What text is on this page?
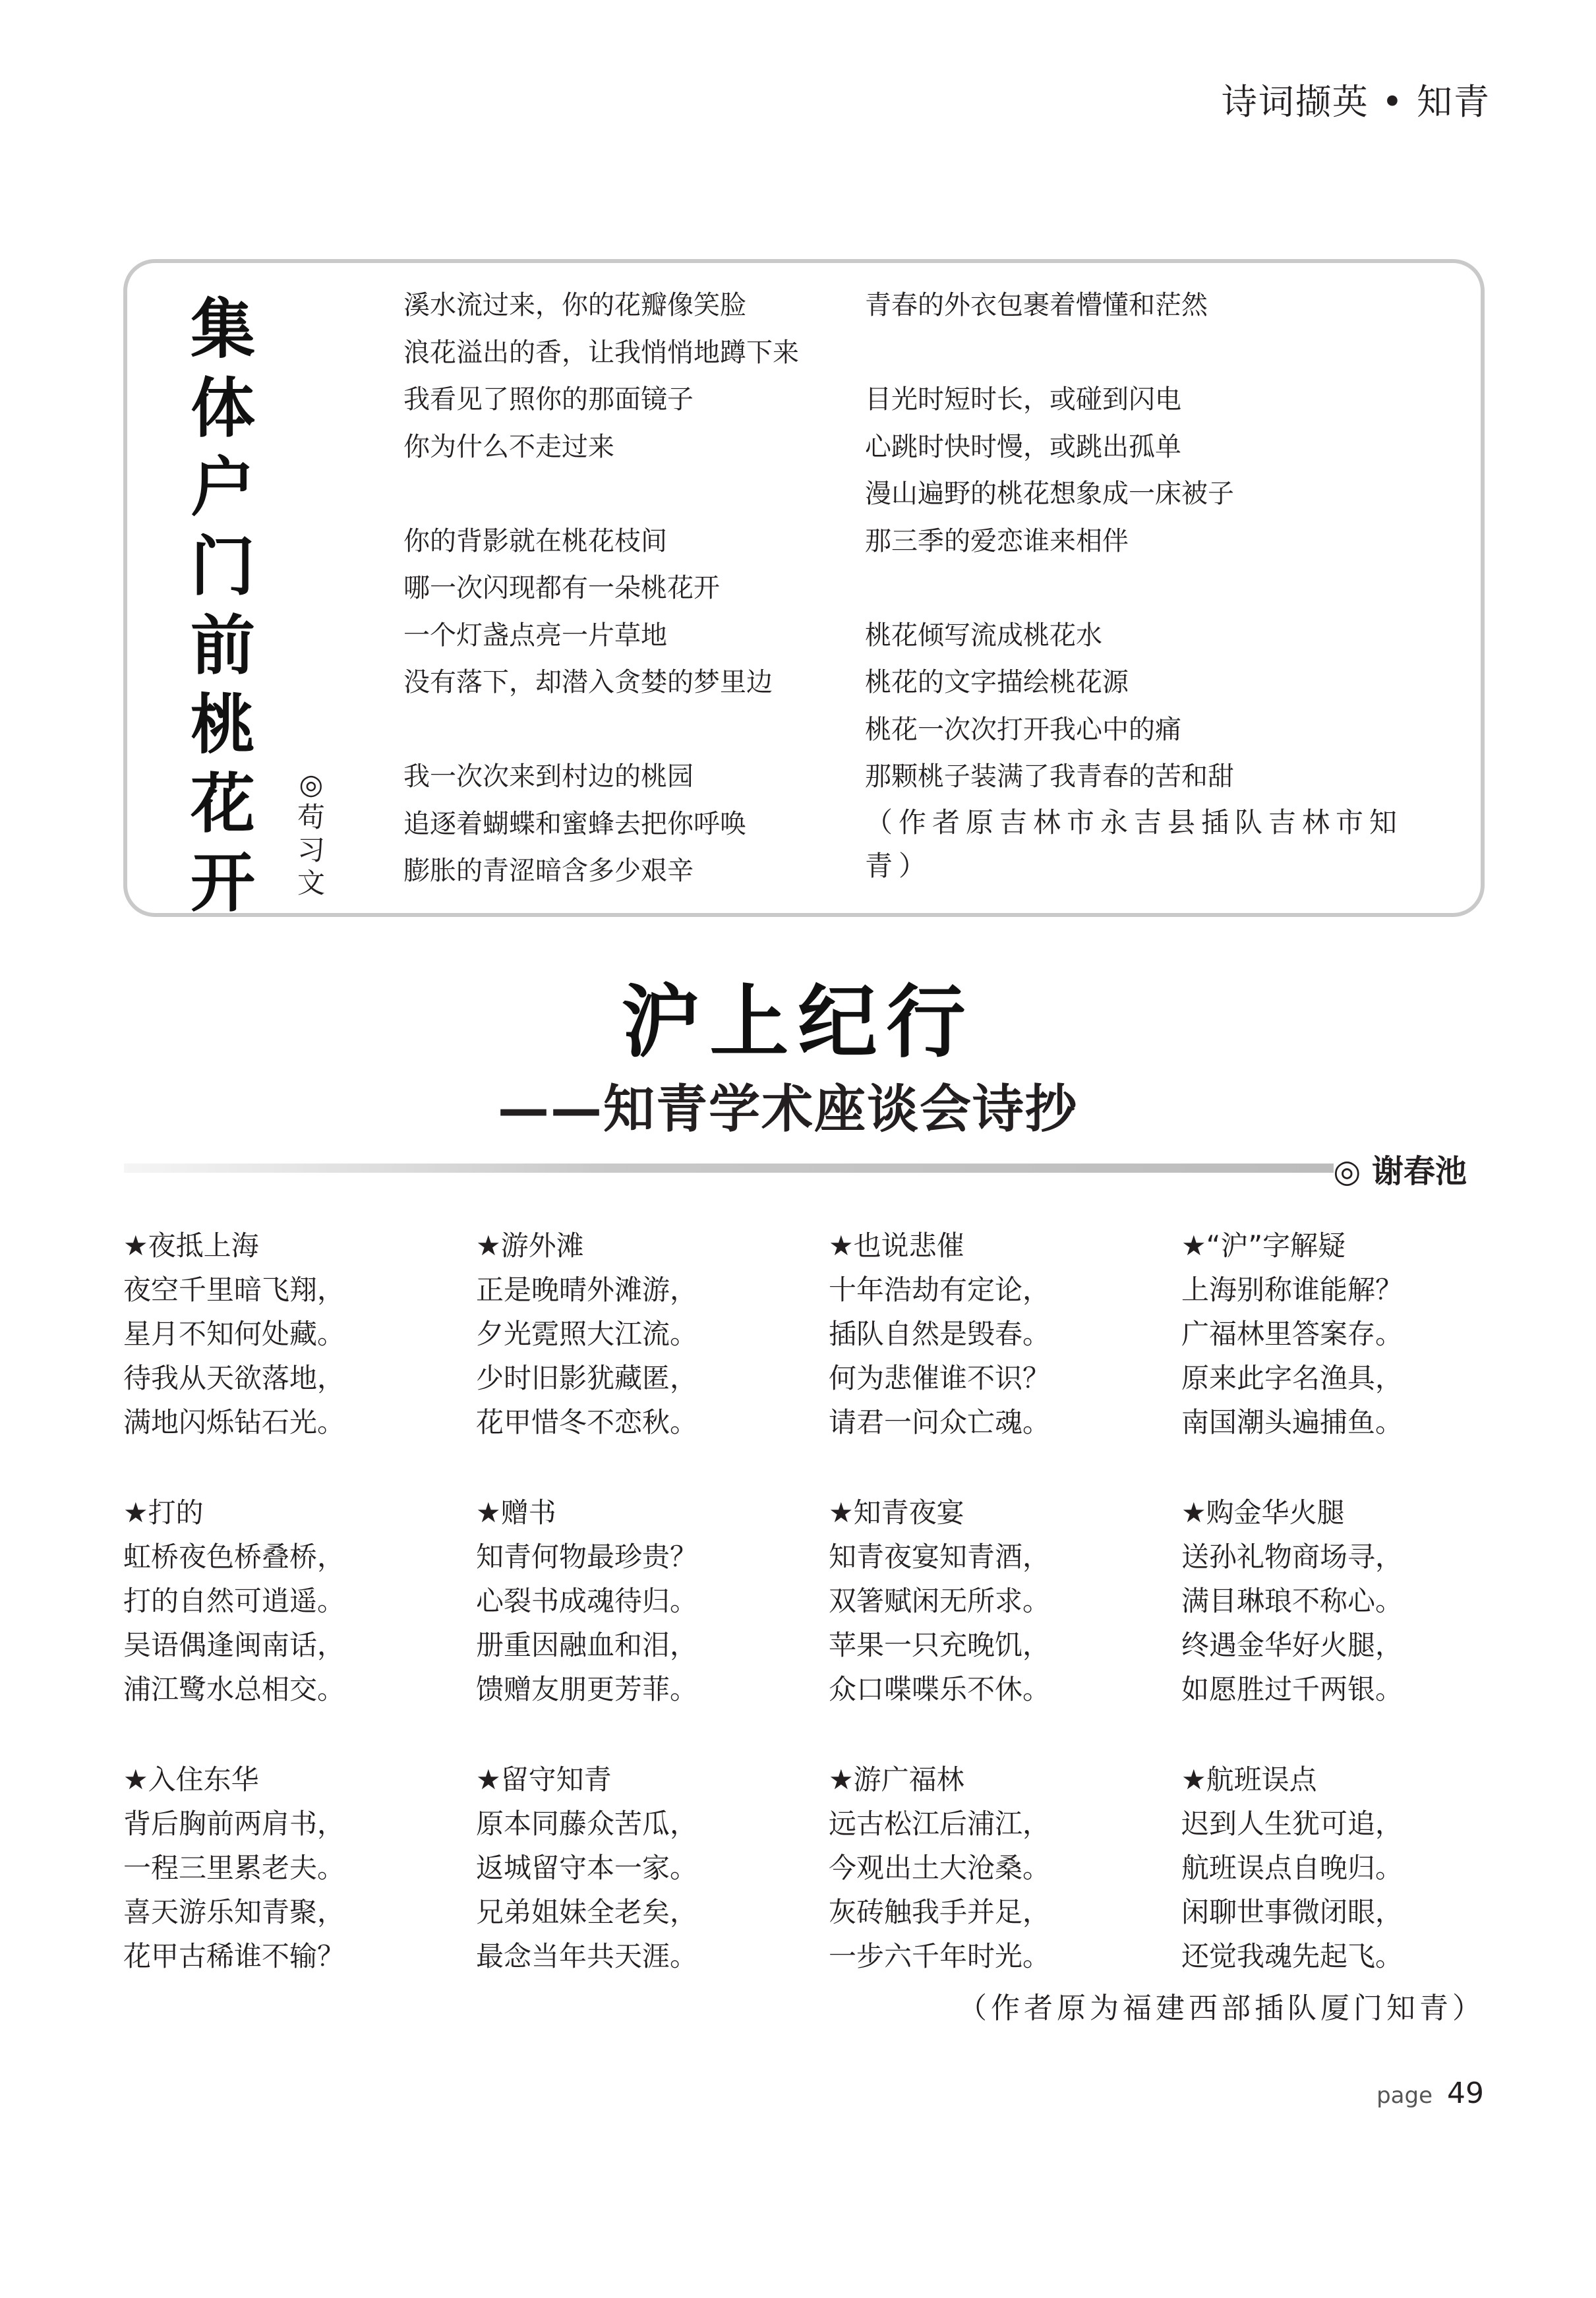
诗词撷英 • 知青
集
体
户
门
前
桃
花
开
◎
苟
习
文
溪水流过来，你的花瓣像笑脸
浪花溢出的香，让我悄悄地蹲下来
我看见了照你的那面镜子
你为什么不走过来
你的背影就在桃花枝间
哪一次闪现都有一朵桃花开
一个灯盏点亮一片草地
没有落下，却潜入贪婪的梦里边
我一次次来到村边的桃园
追逐着蝴蝶和蜜蜂去把你呼唤
膨胀的青涩暗含多少艰辛
青春的外衣包裹着懵懂和茫然
目光时短时长，或碰到闪电
心跳时快时慢，或跳出孤单
漫山遍野的桃花想象成一床被子
那三季的爱恋谁来相伴
桃花倾写流成桃花水
桃花的文字描绘桃花源
桃花一次次打开我心中的痛
那颗桃子装满了我青春的苦和甜
（作者原吉林市永吉县插队吉林市知青）
沪上纪行
——知青学术座谈会诗抄
◎ 谢春池
★夜抵上海
夜空千里暗飞翔，
星月不知何处藏。
待我从天欲落地，
满地闪烁钻石光。
★游外滩
正是晚晴外滩游，
夕光霓照大江流。
少时旧影犹藏匿，
花甲惜冬不恋秋。
★也说悲催
十年浩劫有定论，
插队自然是毁春。
何为悲催谁不识？
请君一问众亡魂。
★“沪”字解疑
上海别称谁能解？
广福林里答案存。
原来此字名渔具，
南国潮头遍捕鱼。
★打的
虹桥夜色桥叠桥，
打的自然可逍遥。
吴语偶逢闽南话，
浦江鹭水总相交。
★赠书
知青何物最珍贵？
心裂书成魂待归。
册重因融血和泪，
馈赠友朋更芳菲。
★知青夜宴
知青夜宴知青酒，
双箸赋闲无所求。
苹果一只充晚饥，
众口喋喋乐不休。
★购金华火腿
送孙礼物商场寻，
满目琳琅不称心。
终遇金华好火腿，
如愿胜过千两银。
★入住东华
背后胸前两肩书，
一程三里累老夫。
喜天游乐知青聚，
花甲古稀谁不输？
★留守知青
原本同藤众苦瓜，
返城留守本一家。
兄弟姐妹全老矣，
最念当年共天涯。
★游广福林
远古松江后浦江，
今观出土大沧桑。
灰砖触我手并足，
一步六千年时光。
★航班误点
迟到人生犹可追，
航班误点自晚归。
闲聊世事微闭眼，
还觉我魂先起飞。
（作者原为福建西部插队厦门知青）
page 49
